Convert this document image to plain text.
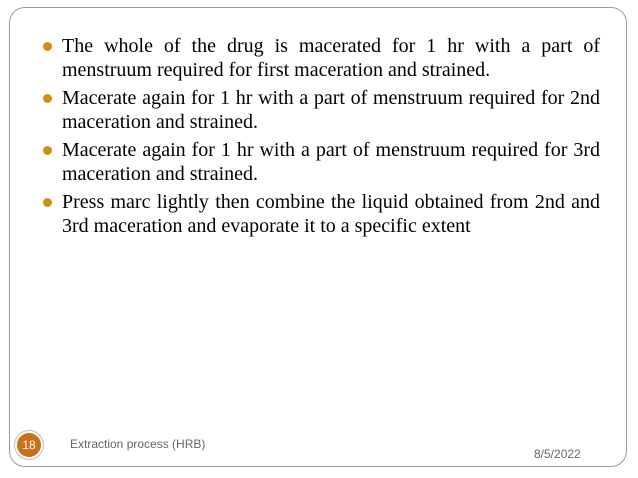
The whole of the drug is macerated for 1 hr with a part of menstruum required for first maceration and strained.
Macerate again for 1 hr with a part of menstruum required for 2nd maceration and strained.
Macerate again for 1 hr with a part of menstruum required for 3rd maceration and strained.
Press marc lightly then combine the liquid obtained from 2nd and 3rd maceration and evaporate it to a specific extent
18	Extraction process (HRB)
8/5/2022
